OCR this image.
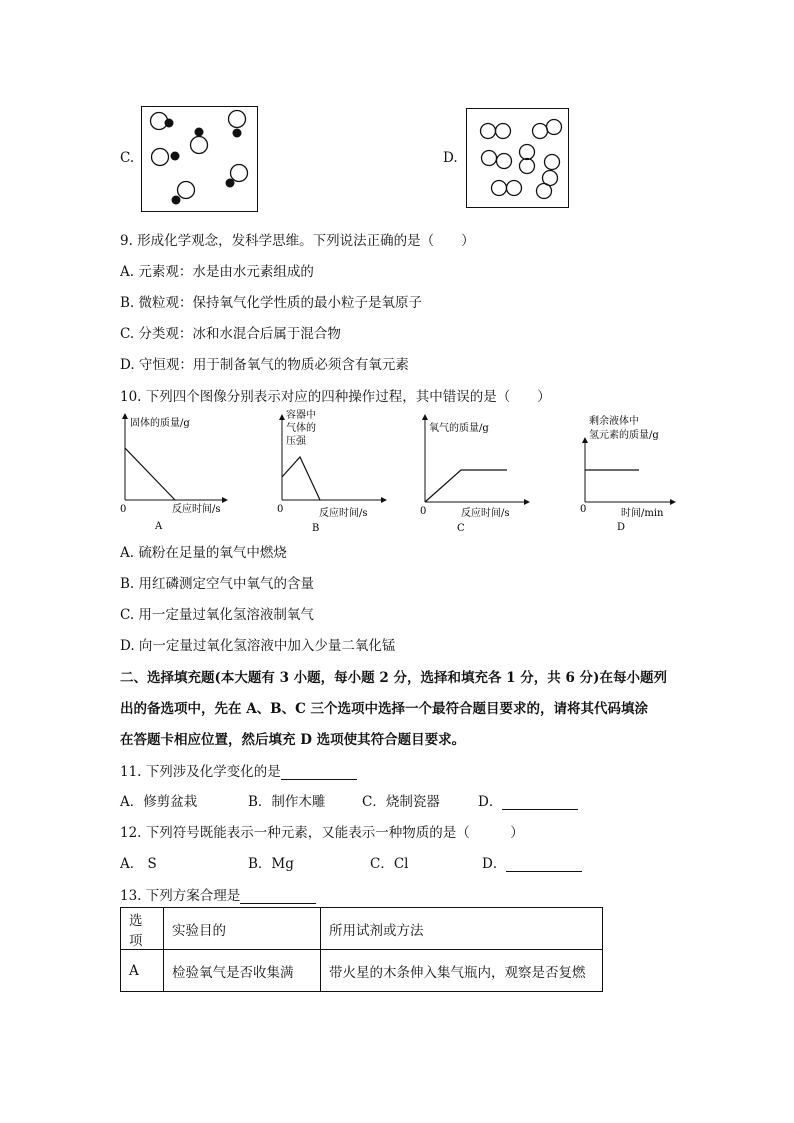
C.	D.
9. 形成化学观念，发科学思维。下列说法正确的是（　　）
A. 元素观：水是由水元素组成的
B. 微粒观：保持氧气化学性质的最小粒子是氧原子
C. 分类观：冰和水混合后属于混合物
D. 守恒观：用于制备氧气的物质必须含有氧元素
10. 下列四个图像分别表示对应的四种操作过程，其中错误的是（　　）
固体的质量/g
0	反应时间/s
A
容器中
气体的
压强
0	反应时间/s
B
氧气的质量/g
0	反应时间/s
C
剩余液体中
氢元素的质量/g
0	时间/min
D
A. 硫粉在足量的氧气中燃烧
B. 用红磷测定空气中氧气的含量
C. 用一定量过氧化氢溶液制氧气
D. 向一定量过氧化氢溶液中加入少量二氧化锰
二、选择填充题(本大题有 3 小题，每小题 2 分，选择和填充各 1 分，共 6 分)在每小题列
出的备选项中，先在 A、B、C 三个选项中选择一个最符合题目要求的，请将其代码填涂
在答题卡相应位置，然后填充 D 选项使其符合题目要求。
11. 下列涉及化学变化的是
A．修剪盆栽	B．制作木雕	C．烧制瓷器	D．
12. 下列符号既能表示一种元素，又能表示一种物质的是（　　　）
A． S	B．Mg	C．Cl	D．
13. 下列方案合理是
选项	实验目的	所用试剂或方法
A	检验氧气是否收集满	带火星的木条伸入集气瓶内，观察是否复燃
